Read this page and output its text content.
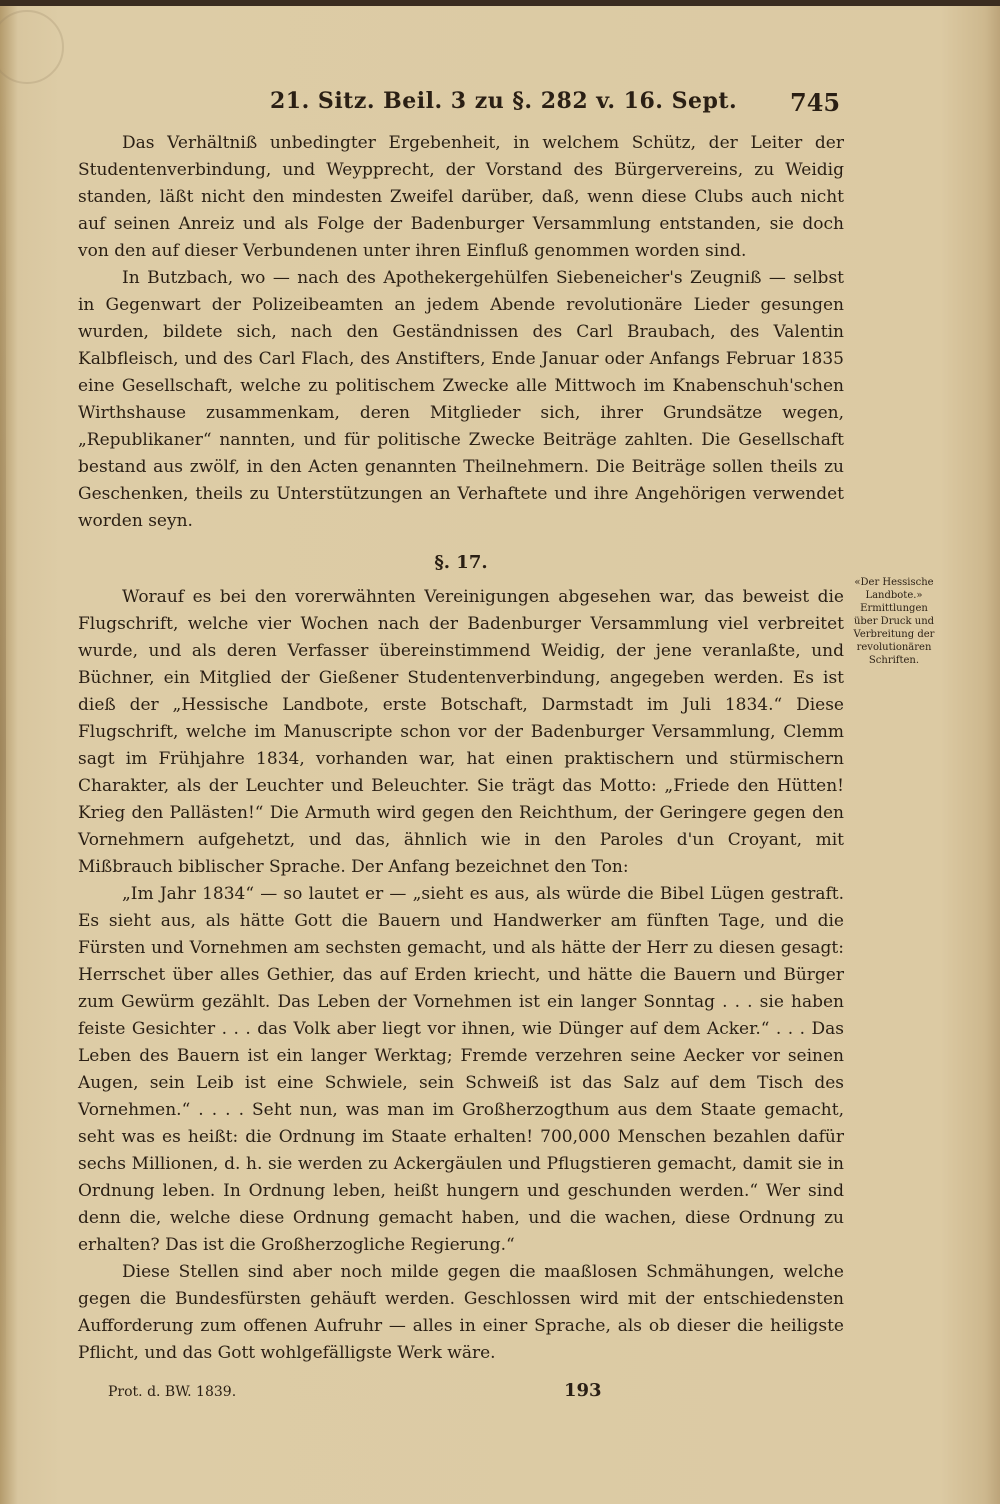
21. Sitz. Beil. 3 zu §. 282 v. 16. Sept. 745

Das Verhältniß unbedingter Ergebenheit, in welchem Schütz, der Leiter der Studentenverbindung, und Weypprecht, der Vorstand des Bürgervereins, zu Weidig standen, läßt nicht den mindesten Zweifel darüber, daß, wenn diese Clubs auch nicht auf seinen Anreiz und als Folge der Badenburger Versammlung entstanden, sie doch von den auf dieser Verbundenen unter ihren Einfluß genommen worden sind.

In Butzbach, wo — nach des Apothekergehülfen Siebeneicher's Zeugniß — selbst in Gegenwart der Polizeibeamten an jedem Abende revolutionäre Lieder gesungen wurden, bildete sich, nach den Geständnissen des Carl Braubach, des Valentin Kalbfleisch, und des Carl Flach, des Anstifters, Ende Januar oder Anfangs Februar 1835 eine Gesellschaft, welche zu politischem Zwecke alle Mittwoch im Knabenschuh'schen Wirthshause zusammenkam, deren Mitglieder sich, ihrer Grundsätze wegen, „Republikaner“ nannten, und für politische Zwecke Beiträge zahlten. Die Gesellschaft bestand aus zwölf, in den Acten genannten Theilnehmern. Die Beiträge sollen theils zu Geschenken, theils zu Unterstützungen an Verhaftete und ihre Angehörigen verwendet worden seyn.

§. 17.

Worauf es bei den vorerwähnten Vereinigungen abgesehen war, das beweist die Flugschrift, welche vier Wochen nach der Badenburger Versammlung viel verbreitet wurde, und als deren Verfasser übereinstimmend Weidig, der jene veranlaßte, und Büchner, ein Mitglied der Gießener Studentenverbindung, angegeben werden. Es ist dieß der „Hessische Landbote, erste Botschaft, Darmstadt im Juli 1834.“ Diese Flugschrift, welche im Manuscripte schon vor der Badenburger Versammlung, Clemm sagt im Frühjahre 1834, vorhanden war, hat einen praktischern und stürmischern Charakter, als der Leuchter und Beleuchter. Sie trägt das Motto: „Friede den Hütten! Krieg den Pallästen!“ Die Armuth wird gegen den Reichthum, der Geringere gegen den Vornehmern aufgehetzt, und das, ähnlich wie in den Paroles d'un Croyant, mit Mißbrauch biblischer Sprache. Der Anfang bezeichnet den Ton:

„Im Jahr 1834“ — so lautet er — „sieht es aus, als würde die Bibel Lügen gestraft. Es sieht aus, als hätte Gott die Bauern und Handwerker am fünften Tage, und die Fürsten und Vornehmen am sechsten gemacht, und als hätte der Herr zu diesen gesagt: Herrschet über alles Gethier, das auf Erden kriecht, und hätte die Bauern und Bürger zum Gewürm gezählt. Das Leben der Vornehmen ist ein langer Sonntag . . . sie haben feiste Gesichter . . . das Volk aber liegt vor ihnen, wie Dünger auf dem Acker.“ . . . Das Leben des Bauern ist ein langer Werktag; Fremde verzehren seine Aecker vor seinen Augen, sein Leib ist eine Schwiele, sein Schweiß ist das Salz auf dem Tisch des Vornehmen.“ . . . . Seht nun, was man im Großherzogthum aus dem Staate gemacht, seht was es heißt: die Ordnung im Staate erhalten! 700,000 Menschen bezahlen dafür sechs Millionen, d. h. sie werden zu Ackergäulen und Pflugstieren gemacht, damit sie in Ordnung leben. In Ordnung leben, heißt hungern und geschunden werden.“ Wer sind denn die, welche diese Ordnung gemacht haben, und die wachen, diese Ordnung zu erhalten? Das ist die Großherzogliche Regierung.“

Diese Stellen sind aber noch milde gegen die maaßlosen Schmähungen, welche gegen die Bundesfürsten gehäuft werden. Geschlossen wird mit der entschiedensten Aufforderung zum offenen Aufruhr — alles in einer Sprache, als ob dieser die heiligste Pflicht, und das Gott wohlgefälligste Werk wäre.

«Der Hessische Landbote.» Ermittlungen über Druck und Verbreitung der revolutionären Schriften.
Prot. d. BW. 1839.	193
